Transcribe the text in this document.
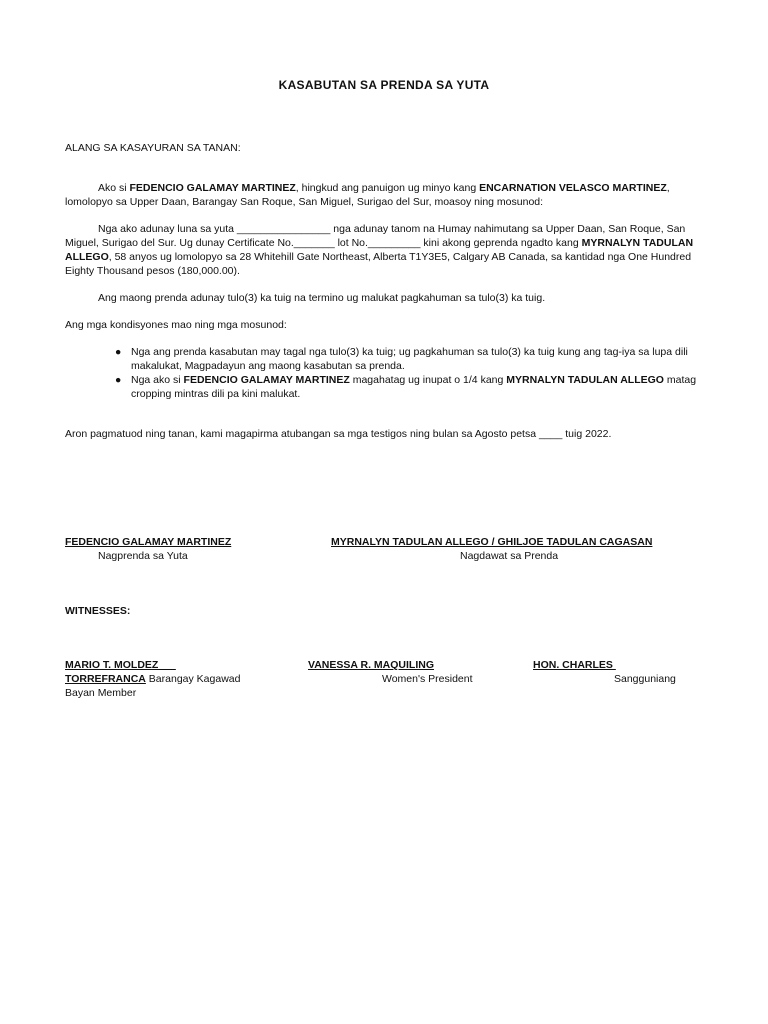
KASABUTAN SA PRENDA SA YUTA
ALANG SA KASAYURAN SA TANAN:
Ako si FEDENCIO GALAMAY MARTINEZ, hingkud ang panuigon ug minyo kang ENCARNATION VELASCO MARTINEZ, lomolopyo sa Upper Daan, Barangay San Roque, San Miguel, Surigao del Sur, moasoy ning mosunod:
Nga ako adunay luna sa yuta ________________ nga adunay tanom na Humay nahimutang sa Upper Daan, San Roque, San Miguel, Surigao del Sur. Ug dunay Certificate No._______ lot No._________ kini akong geprenda ngadto kang MYRNALYN TADULAN ALLEGO, 58 anyos ug lomolopyo sa 28 Whitehill Gate Northeast, Alberta T1Y3E5, Calgary AB Canada, sa kantidad nga One Hundred Eighty Thousand pesos (180,000.00).
Ang maong prenda adunay tulo(3) ka tuig na termino ug malukat pagkahuman sa tulo(3) ka tuig.
Ang mga kondisyones mao ning mga mosunod:
● Nga ang prenda kasabutan may tagal nga tulo(3) ka tuig; ug pagkahuman sa tulo(3) ka tuig kung ang tag-iya sa lupa dili makalukat, Magpadayun ang maong kasabutan sa prenda.
● Nga ako si FEDENCIO GALAMAY MARTINEZ magahatag ug inupat o 1/4 kang MYRNALYN TADULAN ALLEGO matag cropping mintras dili pa kini malukat.
Aron pagmatuod ning tanan, kami magapirma atubangan sa mga testigos ning bulan sa Agosto petsa ____ tuig 2022.
FEDENCIO GALAMAY MARTINEZ
Nagprenda sa Yuta
MYRNALYN TADULAN ALLEGO / GHILJOE TADULAN CAGASAN
Nagdawat sa Prenda
WITNESSES:
MARIO T. MOLDEZ
TORREFRANCA Barangay Kagawad
VANESSA R. MAQUILING
Women's President
HON. CHARLES
Sangguniang
Bayan Member
